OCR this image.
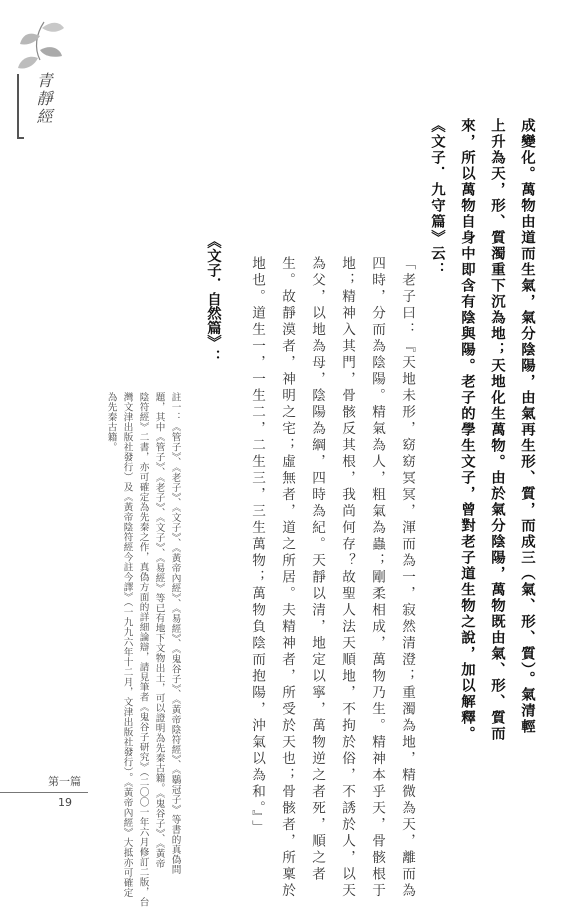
青靜經
第一篇
19
成變化。萬物由道而生氣，氣分陰陽，由氣再生形、質，而成三（氣、形、質）。氣清輕
上升為天，形、質濁重下沉為地；天地化生萬物。由於氣分陰陽，萬物既由氣、形、質而
來，所以萬物自身中即含有陰與陽。老子的學生文子，曾對老子道生物之說，加以解釋。
《文子．九守篇》云：
「老子曰：『天地未形，窈窈冥冥，渾而為一，寂然清澄；重濁為地，精微為天，離而為
四時，分而為陰陽。精氣為人，粗氣為蟲；剛柔相成，萬物乃生。精神本乎天，骨骸根于
地；精神入其門，骨骸反其根，我尚何存？故聖人法天順地，不拘於俗，不誘於人，以天
為父，以地為母，陰陽為綱，四時為紀。天靜以清，地定以寧，萬物逆之者死，順之者
生。故靜漠者，神明之宅；虛無者，道之所居。夫精神者，所受於天也；骨骸者，所稟於
地也。道生一，一生二，二生三，三生萬物；萬物負陰而抱陽，沖氣以為和。』」
《文子．自然篇》：
註一：《管子》、《老子》、《文子》、《黃帝內經》、《易經》、《鬼谷子》、《黃帝陰符經》、《鶡冠子》等書的真偽問
題，其中《管子》、《老子》、《文子》、《易經》等已有地下文物出土，可以證明為先秦古籍。《鬼谷子》、《黃帝
陰符經》二書，亦可確定為先秦之作，真偽方面的詳細論辯，請見筆者《鬼谷子研究》（二〇〇一年六月修訂二版，台
灣文津出版社發行）及《黃帝陰符經今註今譯》（一九九六年十二月，文津出版社發行）。《黃帝內經》大抵亦可確定
為先秦古籍。
